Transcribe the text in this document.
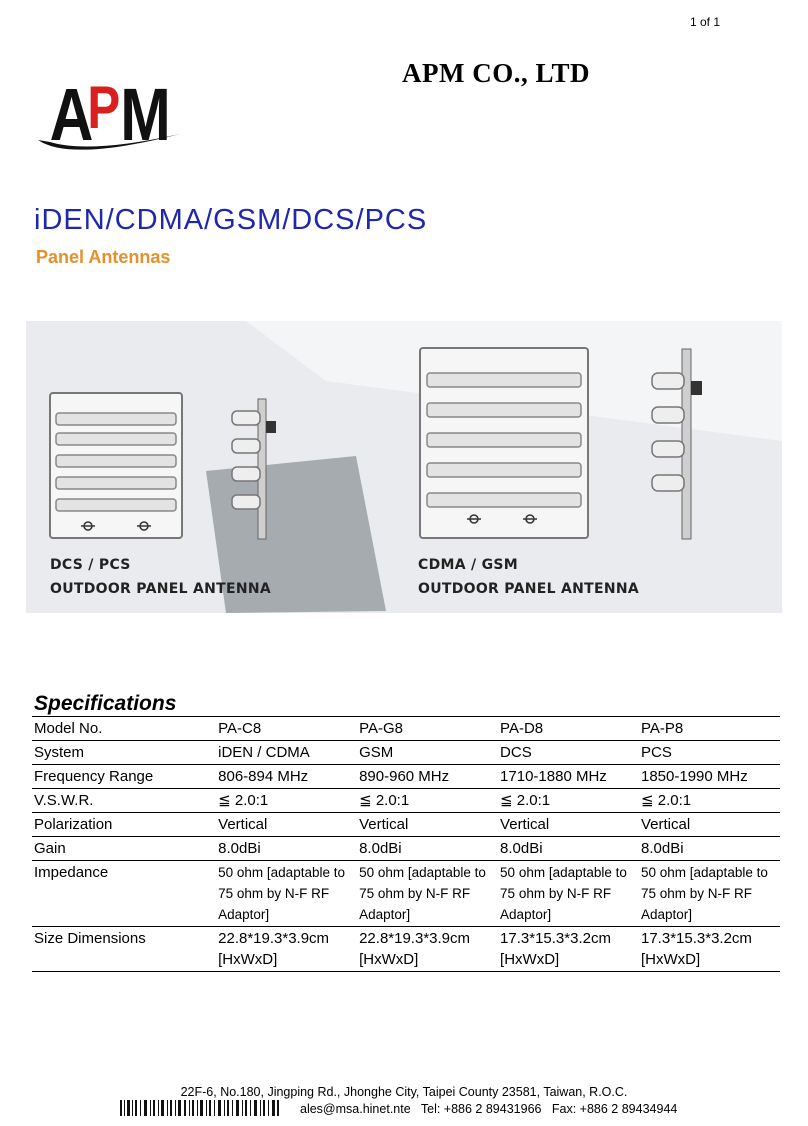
1 of 1
A
P M
APM CO., LTD
iDEN/CDMA/GSM/DCS/PCS
Panel Antennas
DCS / PCS
OUTDOOR PANEL ANTENNA
CDMA / GSM
OUTDOOR PANEL ANTENNA
Specifications
Model No.	PA-C8	PA-G8	PA-D8	PA-P8
System	iDEN / CDMA	GSM	DCS	PCS
Frequency Range	806-894 MHz	890-960 MHz	1710-1880 MHz	1850-1990 MHz
V.S.W.R.	≦ 2.0:1	≦ 2.0:1	≦ 2.0:1	≦ 2.0:1
Polarization	Vertical	Vertical	Vertical	Vertical
Gain	8.0dBi	8.0dBi	8.0dBi	8.0dBi
Impedance	50 ohm [adaptable to 75 ohm by N-F RF Adaptor]	50 ohm [adaptable to 75 ohm by N-F RF Adaptor]	50 ohm [adaptable to 75 ohm by N-F RF Adaptor]	50 ohm [adaptable to 75 ohm by N-F RF Adaptor]
Size Dimensions	22.8*19.3*3.9cm [HxWxD]	22.8*19.3*3.9cm [HxWxD]	17.3*15.3*3.2cm [HxWxD]	17.3*15.3*3.2cm [HxWxD]
22F-6, No.180, Jingping Rd., Jhonghe City, Taipei County 23581, Taiwan, R.O.C.
ales@msa.hinet.nte Tel: +886 2 89431966 Fax: +886 2 89434944
